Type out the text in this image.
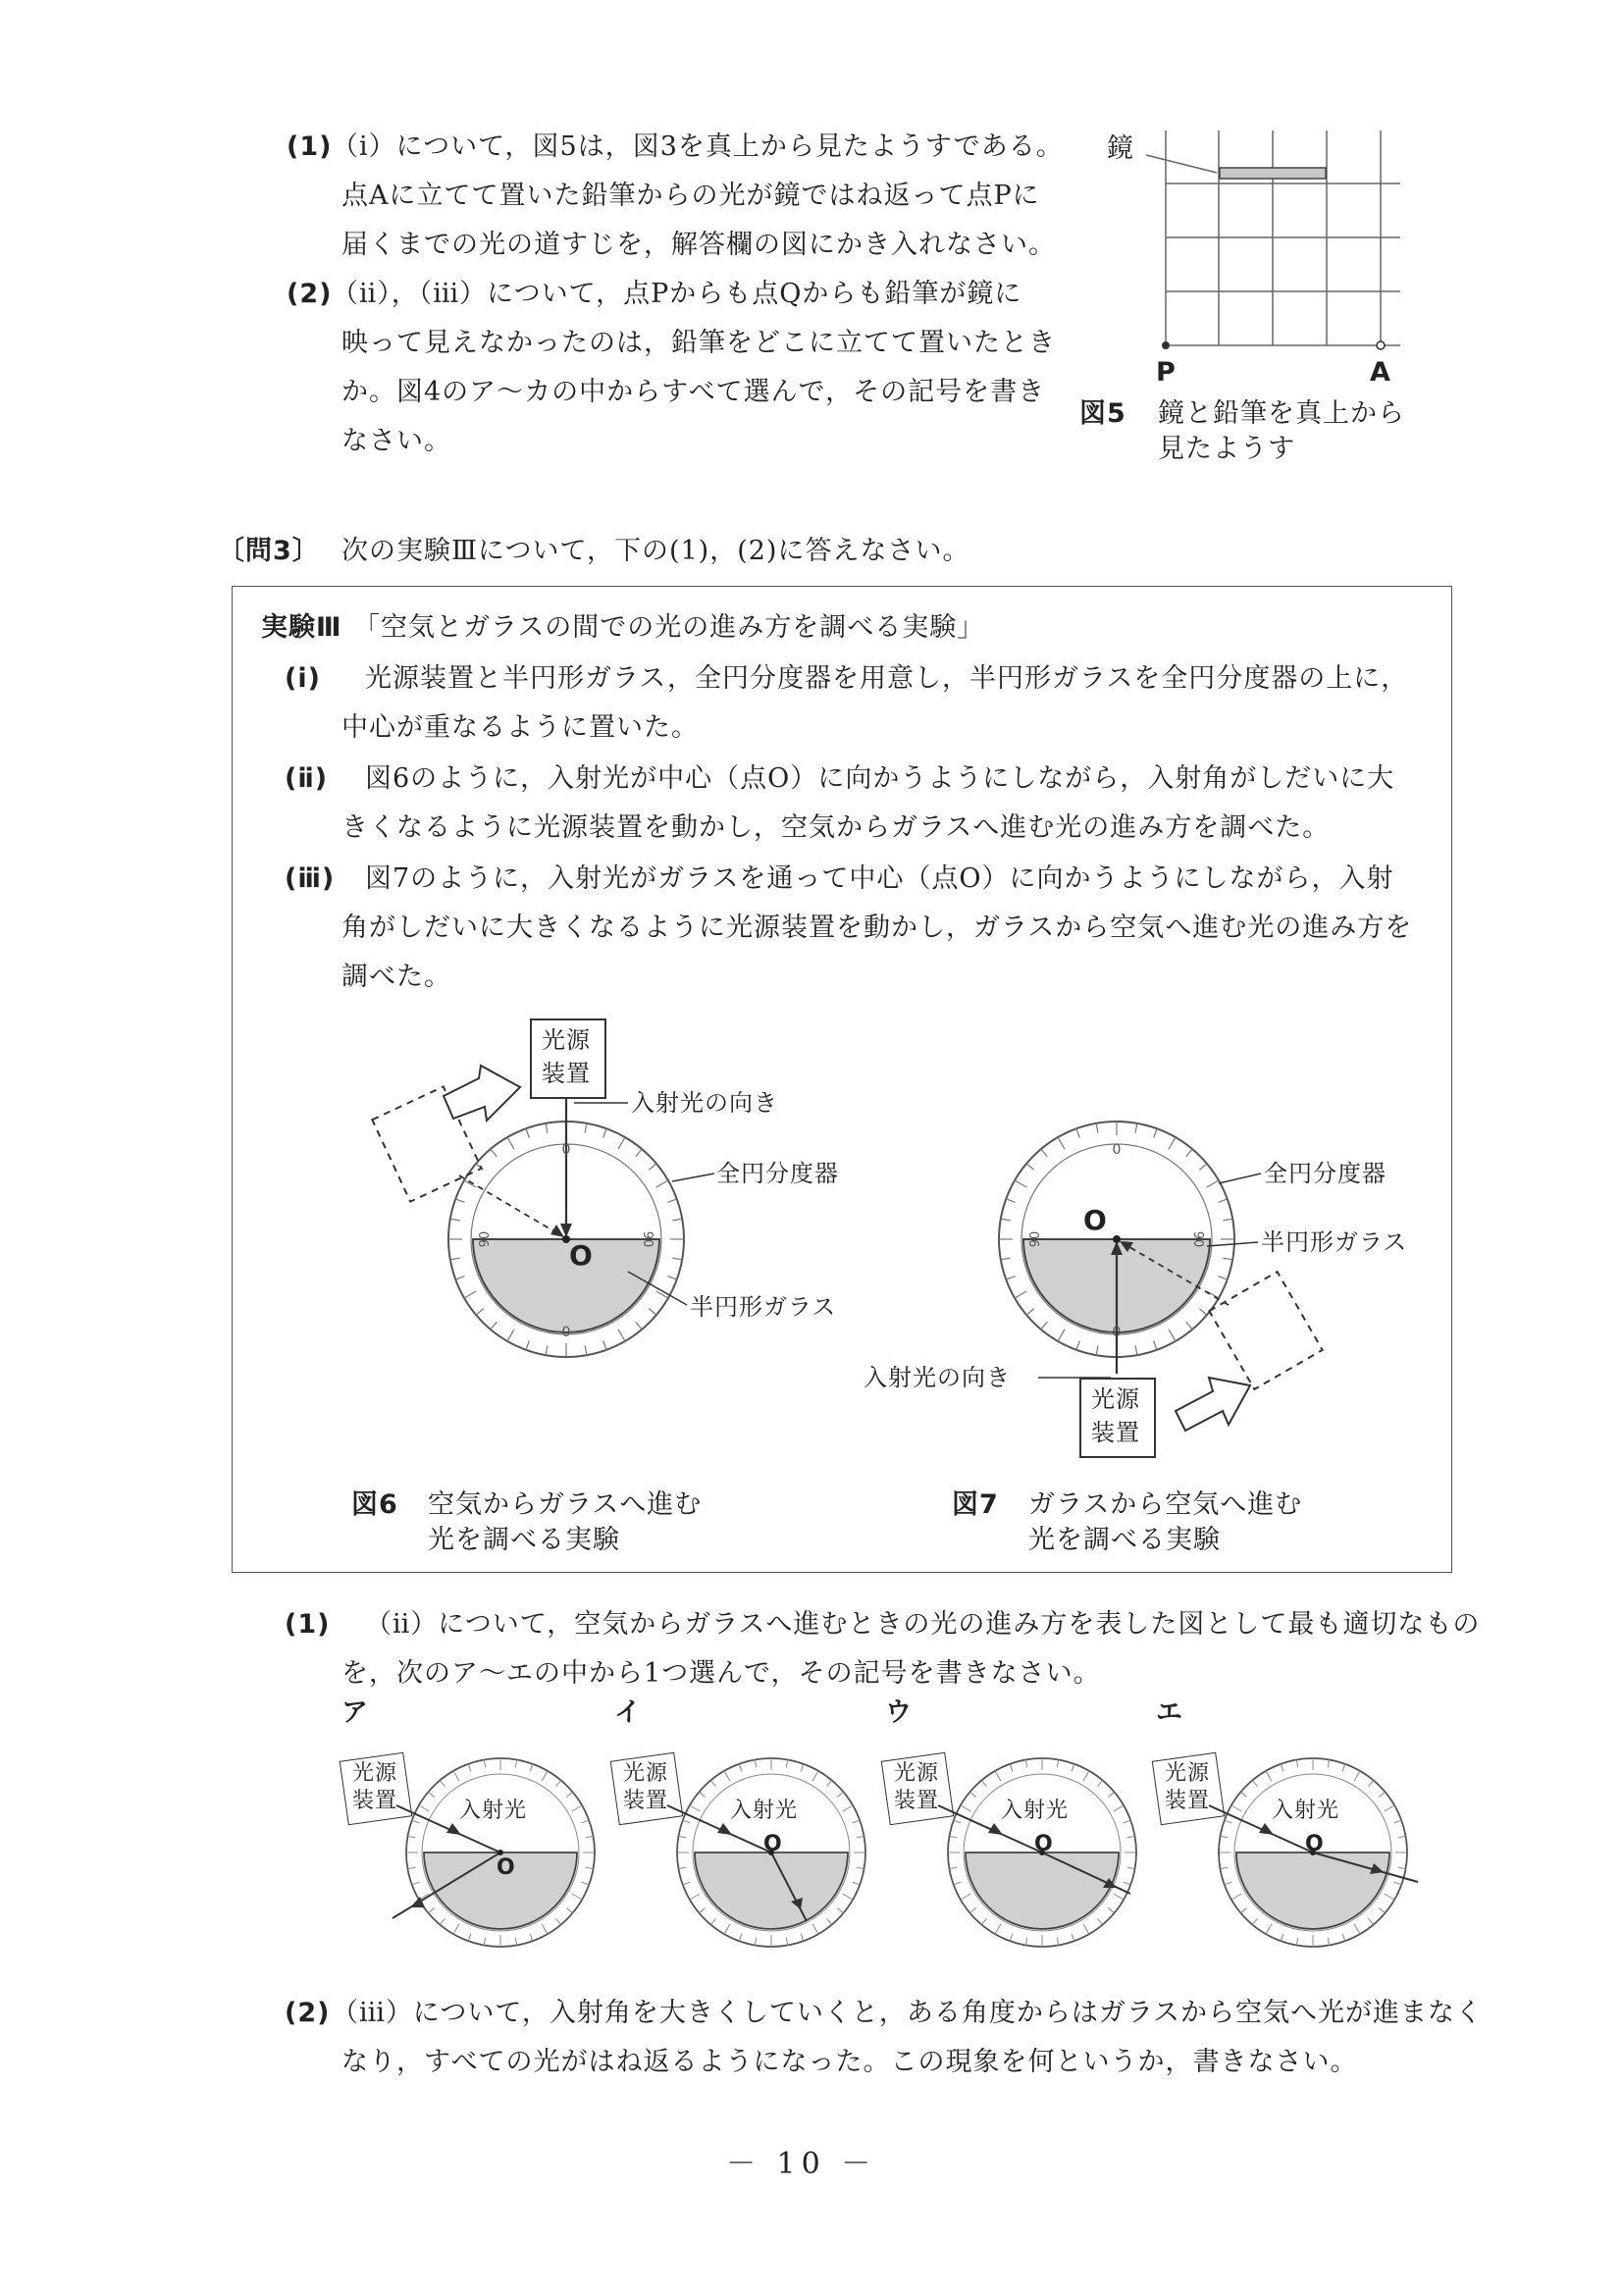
(1) （ⅰ）について，図5は，図3を真上から見たようすである。
点Aに立てて置いた鉛筆からの光が鏡ではね返って点Pに
届くまでの光の道すじを，解答欄の図にかき入れなさい。
(2) （ⅱ），（ⅲ）について，点Pからも点Qからも鉛筆が鏡に
映って見えなかったのは，鉛筆をどこに立てて置いたとき
か。図4のア～カの中からすべて選んで，その記号を書き
なさい。
鏡
P	A
図5 鏡と鉛筆を真上から
見たようす
〔問3〕 次の実験Ⅲについて，下の(1)，(2)に答えなさい。
実験Ⅲ 「空気とガラスの間での光の進み方を調べる実験」
(ⅰ) 光源装置と半円形ガラス，全円分度器を用意し，半円形ガラスを全円分度器の上に，
中心が重なるように置いた。
(ⅱ) 図6のように，入射光が中心（点O）に向かうようにしながら，入射角がしだいに大
きくなるように光源装置を動かし，空気からガラスへ進む光の進み方を調べた。
(ⅲ) 図7のように，入射光がガラスを通って中心（点O）に向かうようにしながら，入射
角がしだいに大きくなるように光源装置を動かし，ガラスから空気へ進む光の進み方を
調べた。
0
0
90	90
光源
装置
入射光の向き
全円分度器
半円形ガラス
O
図6 空気からガラスへ進む
光を調べる実験
0
0
90	90
光源
装置
入射光の向き
全円分度器
半円形ガラス
O
図7 ガラスから空気へ進む
光を調べる実験
(1) （ⅱ）について，空気からガラスへ進むときの光の進み方を表した図として最も適切なもの
を，次のア～エの中から1つ選んで，その記号を書きなさい。
ア	イ	ウ	エ
光源
装置	入射光
O
光源
装置	入射光
O
光源
装置	入射光
O
光源
装置	入射光
O
(2) （ⅲ）について，入射角を大きくしていくと，ある角度からはガラスから空気へ光が進まなく
なり，すべての光がはね返るようになった。この現象を何というか，書きなさい。
－ 10 －
